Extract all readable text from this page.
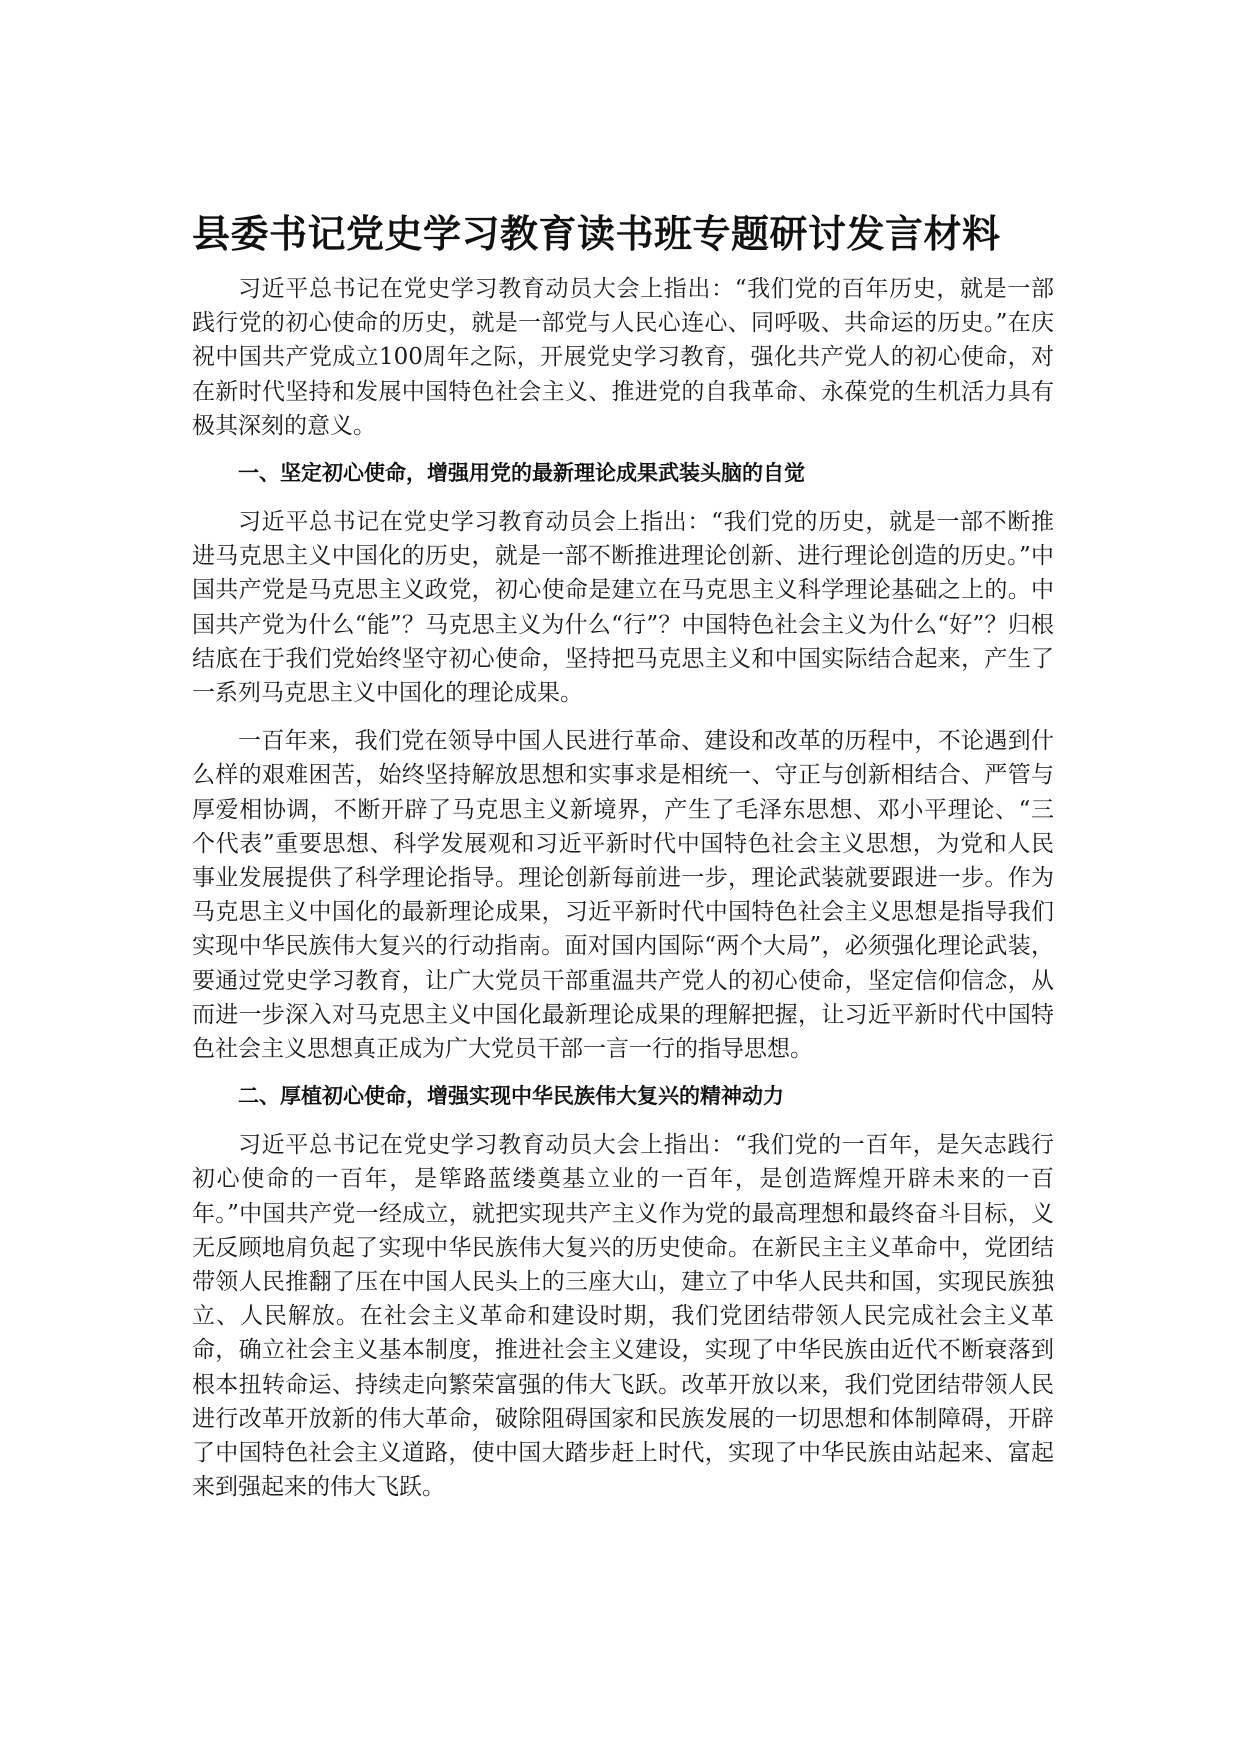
县委书记党史学习教育读书班专题研讨发言材料

习近平总书记在党史学习教育动员大会上指出：“我们党的百年历史，就是一部践行党的初心使命的历史，就是一部党与人民心连心、同呼吸、共命运的历史。”在庆祝中国共产党成立100周年之际，开展党史学习教育，强化共产党人的初心使命，对在新时代坚持和发展中国特色社会主义、推进党的自我革命、永葆党的生机活力具有极其深刻的意义。

一、坚定初心使命，增强用党的最新理论成果武装头脑的自觉

习近平总书记在党史学习教育动员会上指出：“我们党的历史，就是一部不断推进马克思主义中国化的历史，就是一部不断推进理论创新、进行理论创造的历史。”中国共产党是马克思主义政党，初心使命是建立在马克思主义科学理论基础之上的。中国共产党为什么“能”？马克思主义为什么“行”？中国特色社会主义为什么“好”？归根结底在于我们党始终坚守初心使命，坚持把马克思主义和中国实际结合起来，产生了一系列马克思主义中国化的理论成果。

一百年来，我们党在领导中国人民进行革命、建设和改革的历程中，不论遇到什么样的艰难困苦，始终坚持解放思想和实事求是相统一、守正与创新相结合、严管与厚爱相协调，不断开辟了马克思主义新境界，产生了毛泽东思想、邓小平理论、“三个代表”重要思想、科学发展观和习近平新时代中国特色社会主义思想，为党和人民事业发展提供了科学理论指导。理论创新每前进一步，理论武装就要跟进一步。作为马克思主义中国化的最新理论成果，习近平新时代中国特色社会主义思想是指导我们实现中华民族伟大复兴的行动指南。面对国内国际“两个大局”，必须强化理论武装，要通过党史学习教育，让广大党员干部重温共产党人的初心使命，坚定信仰信念，从而进一步深入对马克思主义中国化最新理论成果的理解把握，让习近平新时代中国特色社会主义思想真正成为广大党员干部一言一行的指导思想。

二、厚植初心使命，增强实现中华民族伟大复兴的精神动力

习近平总书记在党史学习教育动员大会上指出：“我们党的一百年，是矢志践行初心使命的一百年，是筚路蓝缕奠基立业的一百年，是创造辉煌开辟未来的一百年。”中国共产党一经成立，就把实现共产主义作为党的最高理想和最终奋斗目标，义无反顾地肩负起了实现中华民族伟大复兴的历史使命。在新民主主义革命中，党团结带领人民推翻了压在中国人民头上的三座大山，建立了中华人民共和国，实现民族独立、人民解放。在社会主义革命和建设时期，我们党团结带领人民完成社会主义革命，确立社会主义基本制度，推进社会主义建设，实现了中华民族由近代不断衰落到根本扭转命运、持续走向繁荣富强的伟大飞跃。改革开放以来，我们党团结带领人民进行改革开放新的伟大革命，破除阻碍国家和民族发展的一切思想和体制障碍，开辟了中国特色社会主义道路，使中国大踏步赶上时代，实现了中华民族由站起来、富起来到强起来的伟大飞跃。
